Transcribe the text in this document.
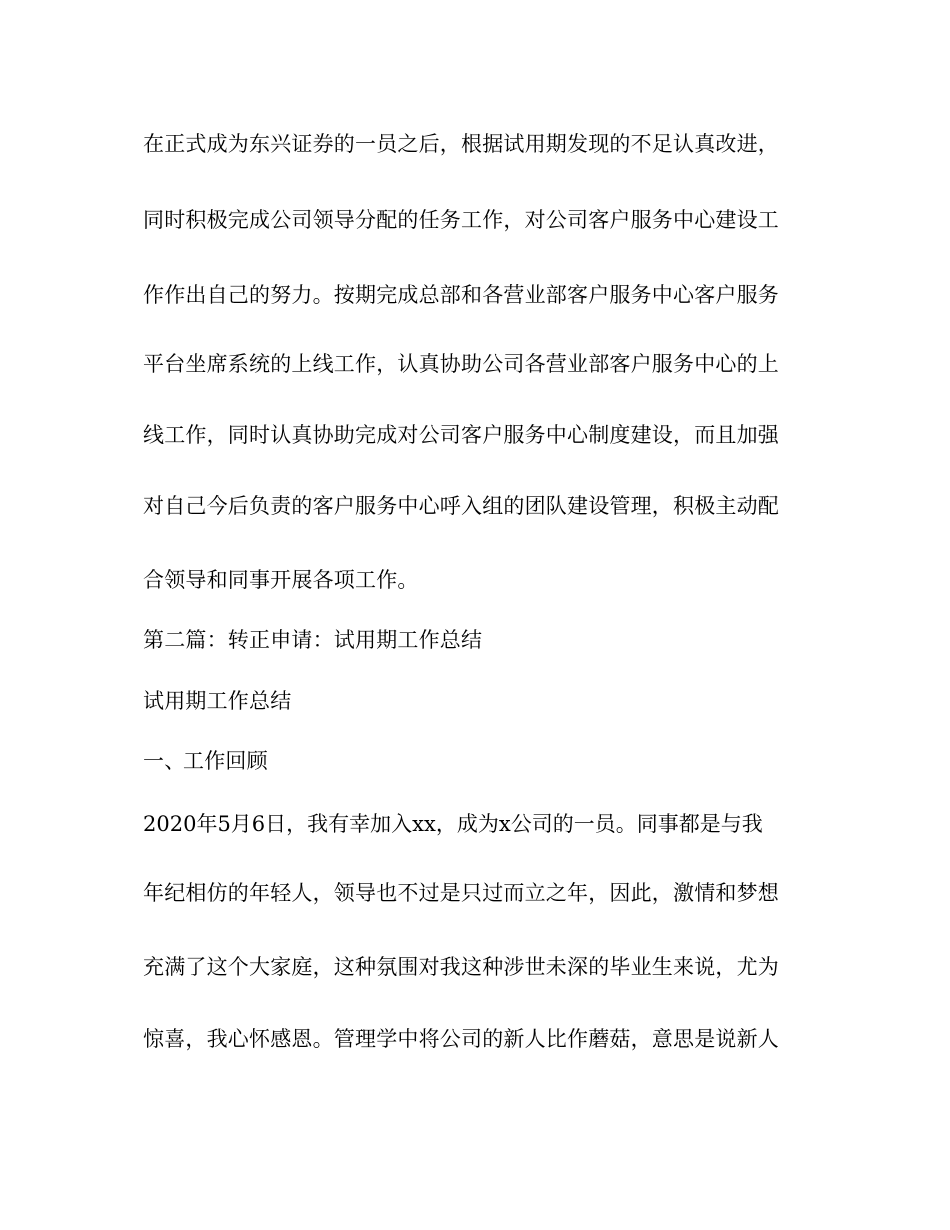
在正式成为东兴证券的一员之后，根据试用期发现的不足认真改进，
同时积极完成公司领导分配的任务工作，对公司客户服务中心建设工
作作出自己的努力。按期完成总部和各营业部客户服务中心客户服务
平台坐席系统的上线工作，认真协助公司各营业部客户服务中心的上
线工作，同时认真协助完成对公司客户服务中心制度建设，而且加强
对自己今后负责的客户服务中心呼入组的团队建设管理，积极主动配
合领导和同事开展各项工作。
第二篇：转正申请：试用期工作总结
试用期工作总结
一、工作回顾
2020年5月6日，我有幸加入xx，成为x公司的一员。同事都是与我
年纪相仿的年轻人，领导也不过是只过而立之年，因此，激情和梦想
充满了这个大家庭，这种氛围对我这种涉世未深的毕业生来说，尤为
惊喜，我心怀感恩。管理学中将公司的新人比作蘑菇，意思是说新人
